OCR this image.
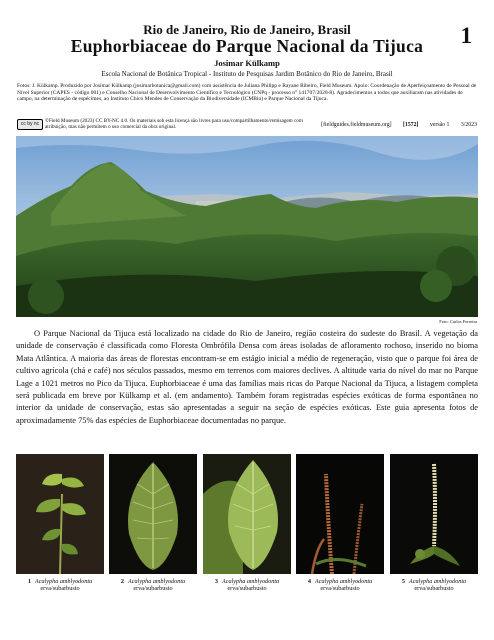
1
Rio de Janeiro, Rio de Janeiro, Brasil
Euphorbiaceae do Parque Nacional da Tijuca
Josimar Külkamp
Escola Nacional de Botânica Tropical - Instituto de Pesquisas Jardim Botânico do Rio de Janeiro, Brasil
Fotos: J. Külkamp. Produzido por Josimar Külkamp (josimarbotanica@gmail.com) com assistência de Juliana Philipp e Rayane Ribeiro, Field Museum. Apoio: Coordenação de Aperfeiçoamento de Pessoal de Nível Superior (CAPES - código 001) e Conselho Nacional de Desenvolvimento Científico e Tecnológico (CNPq - processo n° 141707/2020-8). Agradecimentos a todos que auxiliaram nas atividades de campo, na determinação de espécimes, ao Instituto Chico Mendes de Conservação da Biodiversidade (ICMBio) e Parque Nacional da Tijuca.
cc by nc	©Field Museum (2023) CC BY-NC 4.0. Os materiais sob esta licença são livres para uso/compartilhamento/remisagem com atribuição, mas não permitem o uso comercial da obra original.	[fieldguides.fieldmuseum.org] [1572] versão 1 3/2023
Foto: Carlos Ferreira
O Parque Nacional da Tijuca está localizado na cidade do Rio de Janeiro, região costeira do sudeste do Brasil. A vegetação da unidade de conservação é classificada como Floresta Ombrófila Densa com áreas isoladas de afloramento rochoso, inserido no bioma Mata Atlântica. A maioria das áreas de florestas encontram-se em estágio inicial a médio de regeneração, visto que o parque foi área de cultivo agrícola (chá e café) nos séculos passados, mesmo em terrenos com maiores declives. A altitude varia do nível do mar no Parque Lage a 1021 metros no Pico da Tijuca. Euphorbiaceae é uma das famílias mais ricas do Parque Nacional da Tijuca, a listagem completa será publicada em breve por Külkamp et al. (em andamento). Também foram registradas espécies exóticas de forma espontânea no interior da unidade de conservação, estas são apresentadas a seguir na seção de espécies exóticas. Este guia apresenta fotos de aproximadamente 75% das espécies de Euphorbiaceae documentadas no parque.
1 Acalypha amblyodonta
erva/subarbusto
2 Acalypha amblyodonta
erva/subarbusto
3 Acalypha amblyodonta
erva/subarbusto
4 Acalypha amblyodonta
erva/subarbusto
5 Acalypha amblyodonta
erva/subarbusto
